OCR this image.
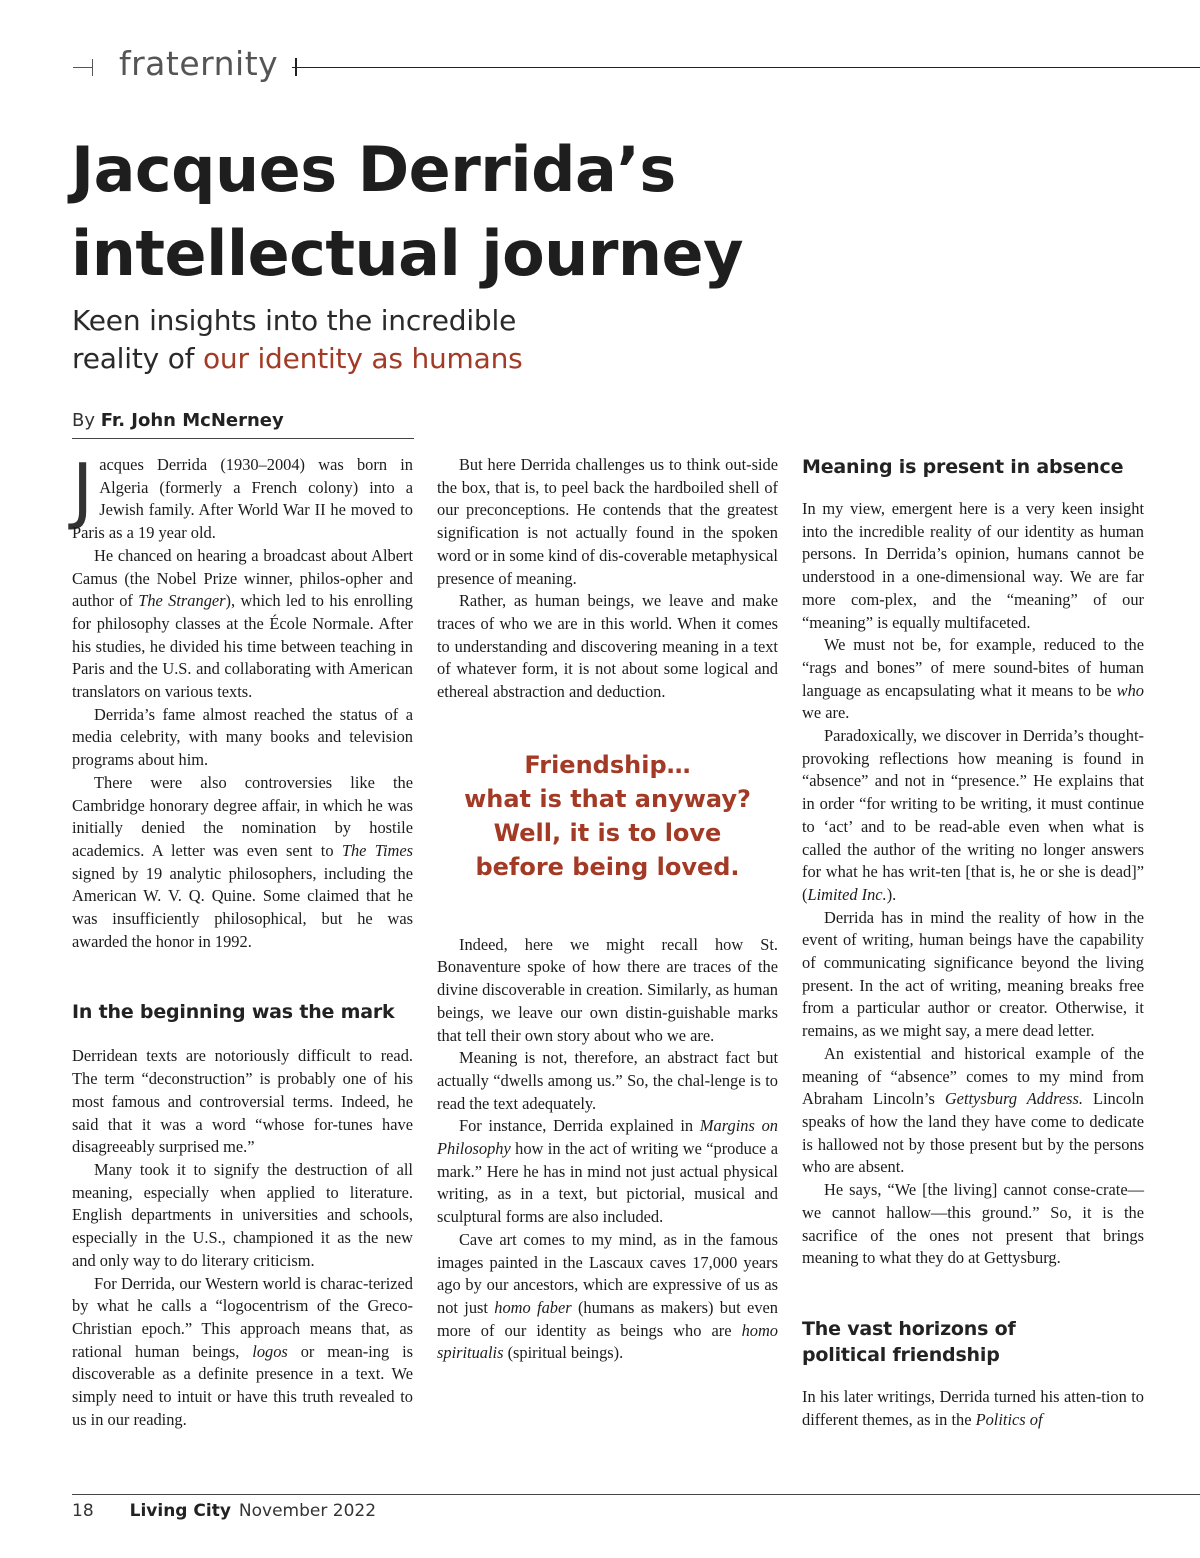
fraternity
Jacques Derrida’s
intellectual journey
Keen insights into the incredible
reality of our identity as humans
By Fr. John McNerney

Jacques Derrida (1930–2004) was born in Algeria (formerly a French colony) into a Jewish family. After World War II he moved to Paris as a 19 year old.

He chanced on hearing a broadcast about Albert Camus (the Nobel Prize winner, philos-opher and author of The Stranger), which led to his enrolling for philosophy classes at the École Normale. After his studies, he divided his time between teaching in Paris and the U.S. and collaborating with American translators on various texts.

Derrida’s fame almost reached the status of a media celebrity, with many books and television programs about him.

There were also controversies like the Cambridge honorary degree affair, in which he was initially denied the nomination by hostile academics. A letter was even sent to The Times signed by 19 analytic philosophers, including the American W. V. Q. Quine. Some claimed that he was insufficiently philosophical, but he was awarded the honor in 1992.

In the beginning was the mark

Derridean texts are notoriously difficult to read. The term “deconstruction” is probably one of his most famous and controversial terms. Indeed, he said that it was a word “whose for-tunes have disagreeably surprised me.”

Many took it to signify the destruction of all meaning, especially when applied to literature. English departments in universities and schools, especially in the U.S., championed it as the new and only way to do literary criticism.

For Derrida, our Western world is charac-terized by what he calls a “logocentrism of the Greco-Christian epoch.” This approach means that, as rational human beings, logos or mean-ing is discoverable as a definite presence in a text. We simply need to intuit or have this truth revealed to us in our reading.

But here Derrida challenges us to think out-side the box, that is, to peel back the hardboiled shell of our preconceptions. He contends that the greatest signification is not actually found in the spoken word or in some kind of dis-coverable metaphysical presence of meaning.

Rather, as human beings, we leave and make traces of who we are in this world. When it comes to understanding and discovering meaning in a text of whatever form, it is not about some logical and ethereal abstraction and deduction.

Friendship…
what is that anyway?
Well, it is to love
before being loved.

Indeed, here we might recall how St. Bonaventure spoke of how there are traces of the divine discoverable in creation. Similarly, as human beings, we leave our own distin-guishable marks that tell their own story about who we are.

Meaning is not, therefore, an abstract fact but actually “dwells among us.” So, the chal-lenge is to read the text adequately.

For instance, Derrida explained in Margins on Philosophy how in the act of writing we “produce a mark.” Here he has in mind not just actual physical writing, as in a text, but pictorial, musical and sculptural forms are also included.

Cave art comes to my mind, as in the famous images painted in the Lascaux caves 17,000 years ago by our ancestors, which are expressive of us as not just homo faber (humans as makers) but even more of our identity as beings who are homo spiritualis (spiritual beings).

Meaning is present in absence

In my view, emergent here is a very keen insight into the incredible reality of our identity as human persons. In Derrida’s opinion, humans cannot be understood in a one-dimensional way. We are far more com-plex, and the “meaning” of our “meaning” is equally multifaceted.

We must not be, for example, reduced to the “rags and bones” of mere sound-bites of human language as encapsulating what it means to be who we are.

Paradoxically, we discover in Derrida’s thought-provoking reflections how meaning is found in “absence” and not in “presence.” He explains that in order “for writing to be writing, it must continue to ‘act’ and to be read-able even when what is called the author of the writing no longer answers for what he has writ-ten [that is, he or she is dead]” (Limited Inc.).

Derrida has in mind the reality of how in the event of writing, human beings have the capability of communicating significance beyond the living present. In the act of writing, meaning breaks free from a particular author or creator. Otherwise, it remains, as we might say, a mere dead letter.

An existential and historical example of the meaning of “absence” comes to my mind from Abraham Lincoln’s Gettysburg Address. Lincoln speaks of how the land they have come to dedicate is hallowed not by those present but by the persons who are absent.

He says, “We [the living] cannot conse-crate—we cannot hallow—this ground.” So, it is the sacrifice of the ones not present that brings meaning to what they do at Gettysburg.

The vast horizons of
political friendship

In his later writings, Derrida turned his atten-tion to different themes, as in the Politics of

18 Living City November 2022
